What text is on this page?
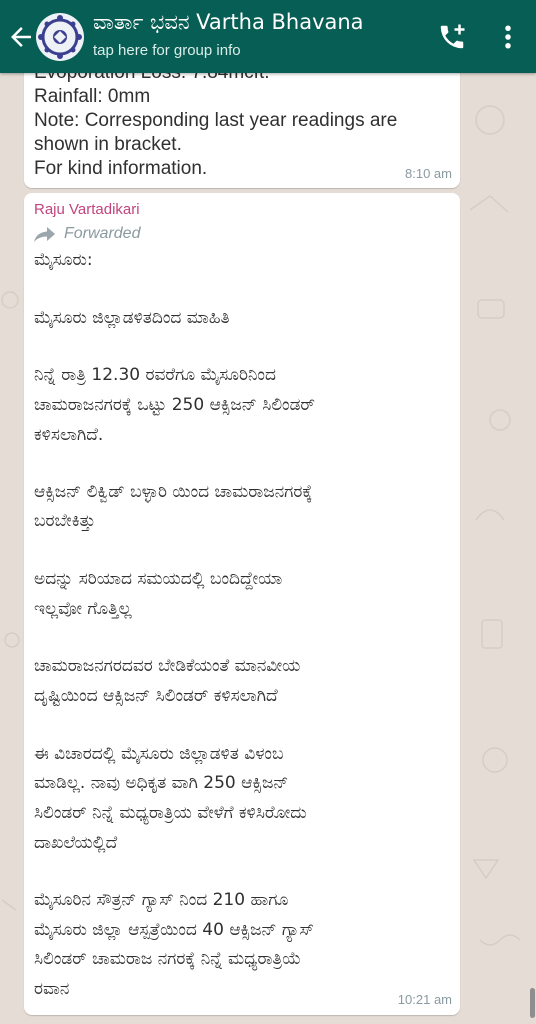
ವಾರ್ತಾ ಭವನ Vartha Bhavana
tap here for group info
Rainfall: 0mm
Note: Corresponding last year readings are
shown in bracket.
For kind information.	8:10 am
Raju Vartadikari
Forwarded
ಮೈಸೂರು:
ಮೈಸೂರು ಜಿಲ್ಲಾಡಳಿತದಿಂದ ಮಾಹಿತಿ
ನಿನ್ನೆ ರಾತ್ರಿ 12.30 ರವರೆಗೂ ಮೈಸೂರಿನಿಂದ
ಚಾಮರಾಜನಗರಕ್ಕೆ ಒಟ್ಟು 250 ಆಕ್ಸಿಜನ್ ಸಿಲಿಂಡರ್
ಕಳಿಸಲಾಗಿದೆ.
ಆಕ್ಸಿಜನ್ ಲಿಕ್ವಿಡ್ ಬಳ್ಳಾರಿ ಯಿಂದ ಚಾಮರಾಜನಗರಕ್ಕೆ
ಬರಬೇಕಿತ್ತು
ಅದನ್ನು ಸರಿಯಾದ ಸಮಯದಲ್ಲಿ ಬಂದಿದ್ದೇಯಾ
ಇಲ್ಲವೋ ಗೊತ್ತಿಲ್ಲ
ಚಾಮರಾಜನಗರದವರ ಬೇಡಿಕೆಯಂತೆ ಮಾನವೀಯ
ದೃಷ್ಟಿಯಿಂದ ಆಕ್ಸಿಜನ್ ಸಿಲಿಂಡರ್ ಕಳಿಸಲಾಗಿದೆ
ಈ ವಿಚಾರದಲ್ಲಿ ಮೈಸೂರು ಜಿಲ್ಲಾಡಳಿತ ವಿಳಂಬ
ಮಾಡಿಲ್ಲ. ನಾವು ಅಧಿಕೃತ ವಾಗಿ 250 ಆಕ್ಸಿಜನ್
ಸಿಲಿಂಡರ್ ನಿನ್ನೆ ಮಧ್ಯರಾತ್ರಿಯ ವೇಳೆಗೆ ಕಳಿಸಿರೋದು
ದಾಖಲೆಯಲ್ಲಿದೆ
ಮೈಸೂರಿನ ಸೌತ್ರನ್ ಗ್ಯಾಸ್ ನಿಂದ 210 ಹಾಗೂ
ಮೈಸೂರು ಜಿಲ್ಲಾ ಆಸ್ಪತ್ರೆಯಿಂದ 40 ಆಕ್ಸಿಜನ್ ಗ್ಯಾಸ್
ಸಿಲಿಂಡರ್ ಚಾಮರಾಜ ನಗರಕ್ಕೆ ನಿನ್ನೆ ಮಧ್ಯರಾತ್ರಿಯೆ
ರವಾನ
10:21 am
